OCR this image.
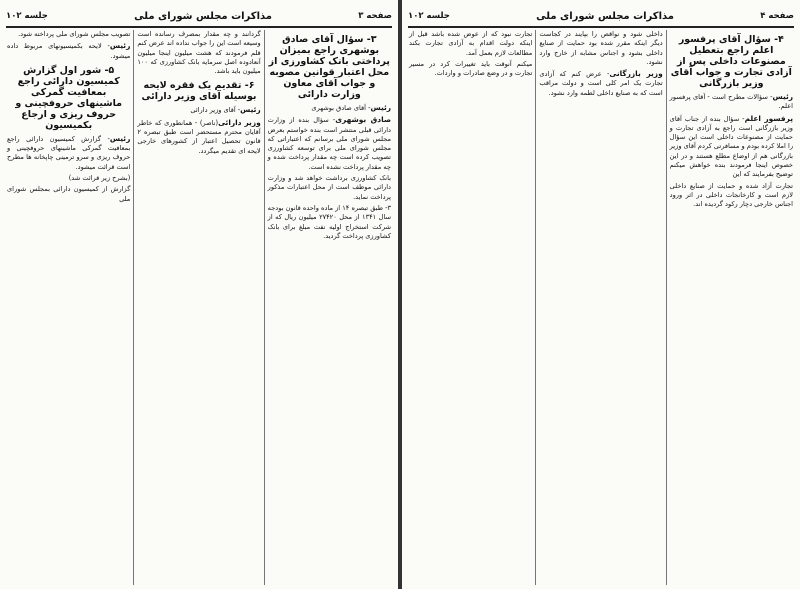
صفحه ۳
مذاکرات مجلس شورای ملی
جلسه ۱۰۲
۳- سؤال آقای صادق بوشهری راجع بمیزان پرداختی بانک کشاورزی از محل اعتبار قوانین مصوبه و جواب آقای معاون وزارت دارائی

رئیس- آقای صادق بوشهری

صادق بوشهری- سؤال بنده از وزارت دارائی قبلی منتشر است بنده خواستم بعرض مجلس شورای ملی برسانم که اعتباراتی که مجلس شورای ملی برای توسعه کشاورزی تصویب کرده است چه مقدار پرداخت شده و چه مقدار پرداخت نشده است.

بانک کشاورزی برداشت خواهد شد و وزارت دارائی موظف است از محل اعتبارات مذکور پرداخت نماید.

۳- طبق تبصره ۱۴ از ماده واحده قانون بودجه سال ۱۳۴۱ از محل ۲۷۴۲۰ میلیون ریال که از شرکت استخراج اولیه نفت مبلغ برای بانک کشاورزی پرداخت گردید.

گردانند و چه مقدار بمصرف رسانده است وسیعه است این را جواب نداده اند عرض کنم قلم فرمودند که هشت میلیون اینجا میلیون آنعادوده اصل سرمایه بانک کشاورزی که ۱۰۰ میلیون باید باشد.

۶- تقدیم یک فقره لایحه بوسیله آقای وزیر دارائی

رئیس- آقای وزیر دارائی

وزیر دارائی(ناصر) - همانطوری که خاطر آقایان محترم مستحضر است طبق تبصره ۲ قانون تحصیل اعتبار از کشورهای خارجی لایحه ای تقدیم میگردد.

تصویب مجلس شورای ملی پرداخته شود.

رئیس- لایحه بکمیسیونهای مربوط داده میشود.

۵- شور اول گزارش کمیسیون دارائی راجع بمعافیت گمرکی ماشینهای حروفچینی و حروف ریزی و ارجاع بکمیسیون

رئیس- گزارش کمیسیون دارائی راجع بمعافیت گمرکی ماشینهای حروفچینی و حروف ریزی و سرو ترمینی چاپخانه ها مطرح است قرائت میشود.

(بشرح زیر قرائت شد)

گزارش از کمیسیون دارائی بمجلس شورای ملی

صفحه ۴
مذاکرات مجلس شورای ملی
جلسه ۱۰۲
۴- سؤال آقای پرفسور اعلم راجع بتعطیل مصنوعات داخلی پس از آزادی تجارت و جواب آقای وزیر بازرگانی

رئیس- سؤالات مطرح است - آقای پرفسور اعلم.

پرفسور اعلم- سؤال بنده از جناب آقای وزیر بازرگانی است راجع به آزادی تجارت و حمایت از مصنوعات داخلی است این سؤال را املا کرده بودم و مسافرتی کردم آقای وزیر بازرگانی هم از اوضاع مطلع هستند و در این خصوص اینجا فرمودند بنده خواهش میکنم توضیح بفرمایند که این

تجارت آزاد شده و حمایت از صنایع داخلی لازم است و کارخانجات داخلی در اثر ورود اجناس خارجی دچار رکود گردیده اند.

داخلی شود و نواقص را بپایند در کجاست دیگر اینکه مقرر شده بود حمایت از صنایع داخلی بشود و اجناس مشابه از خارج وارد نشود.

وزیر بازرگانی- عرض کنم که آزادی تجارت یک امر کلی است و دولت مراقب است که به صنایع داخلی لطمه وارد نشود.

تجارت نبود که از عوض شده باشد قبل از اینکه دولت اقدام به آزادی تجارت بکند مطالعات لازم بعمل آمد.

میکنم آنوقت باید تغییرات کرد در مسیر تجارت و در وضع صادرات و واردات.
